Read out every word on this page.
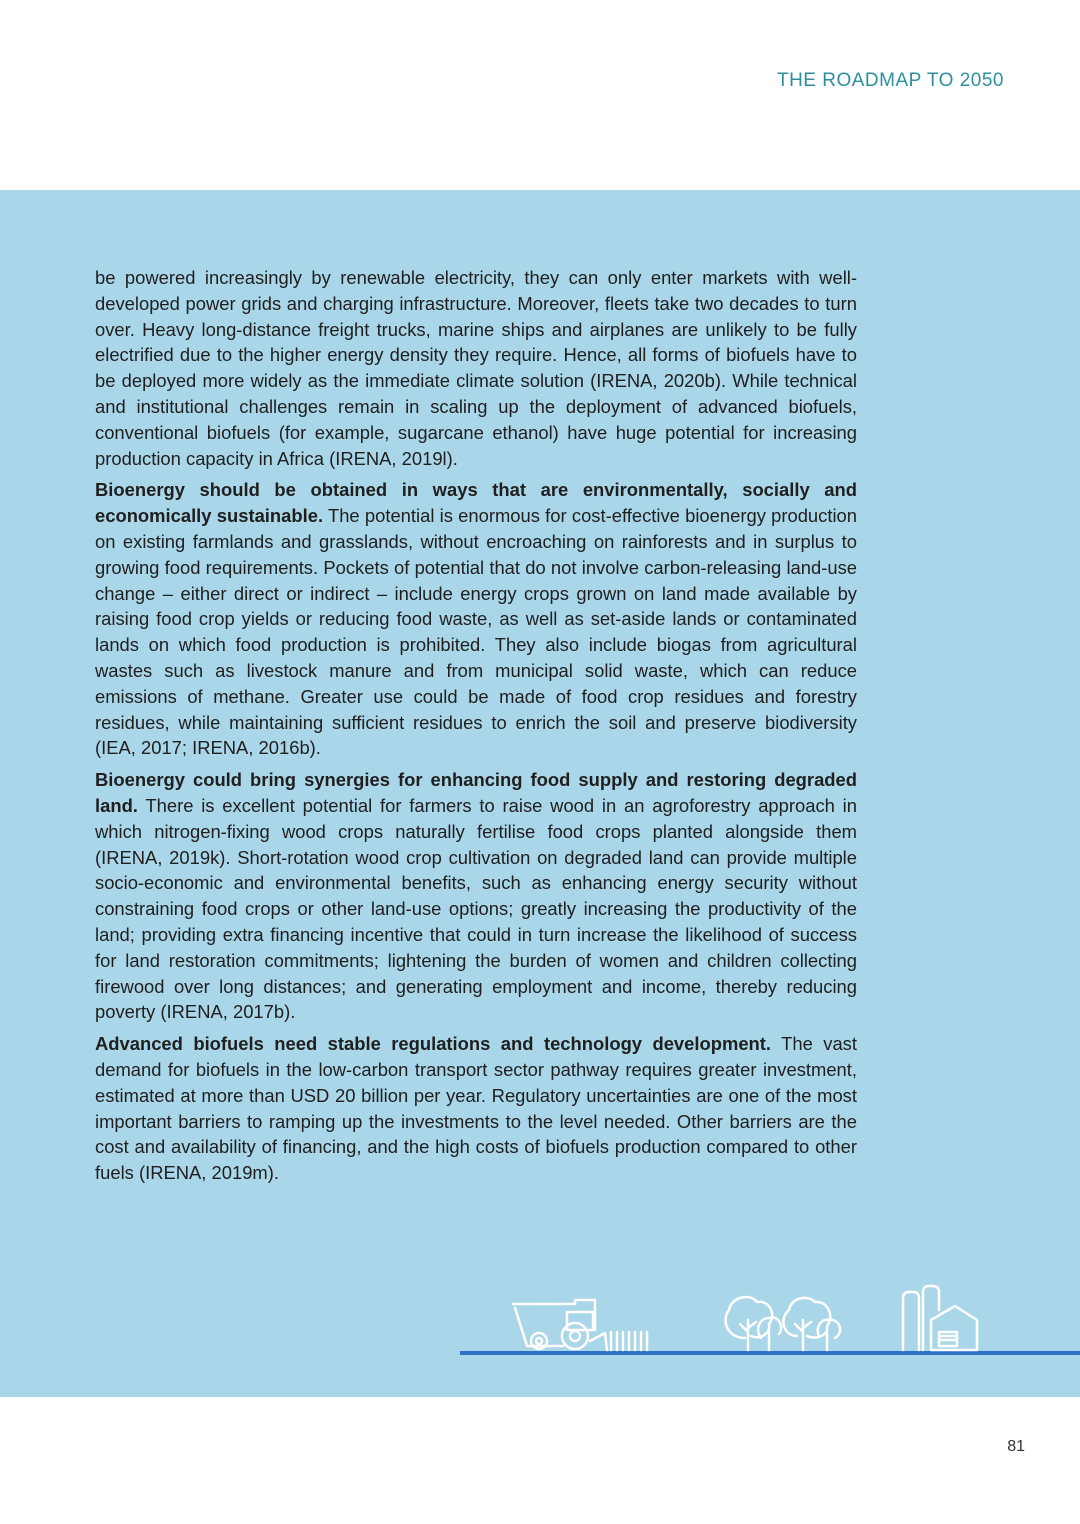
THE ROADMAP TO 2050

be powered increasingly by renewable electricity, they can only enter markets with well-developed power grids and charging infrastructure. Moreover, fleets take two decades to turn over. Heavy long-distance freight trucks, marine ships and airplanes are unlikely to be fully electrified due to the higher energy density they require. Hence, all forms of biofuels have to be deployed more widely as the immediate climate solution (IRENA, 2020b). While technical and institutional challenges remain in scaling up the deployment of advanced biofuels, conventional biofuels (for example, sugarcane ethanol) have huge potential for increasing production capacity in Africa (IRENA, 2019l).

Bioenergy should be obtained in ways that are environmentally, socially and economically sustainable. The potential is enormous for cost-effective bioenergy production on existing farmlands and grasslands, without encroaching on rainforests and in surplus to growing food requirements. Pockets of potential that do not involve carbon-releasing land-use change – either direct or indirect – include energy crops grown on land made available by raising food crop yields or reducing food waste, as well as set-aside lands or contaminated lands on which food production is prohibited. They also include biogas from agricultural wastes such as livestock manure and from municipal solid waste, which can reduce emissions of methane. Greater use could be made of food crop residues and forestry residues, while maintaining sufficient residues to enrich the soil and preserve biodiversity (IEA, 2017; IRENA, 2016b).

Bioenergy could bring synergies for enhancing food supply and restoring degraded land. There is excellent potential for farmers to raise wood in an agroforestry approach in which nitrogen-fixing wood crops naturally fertilise food crops planted alongside them (IRENA, 2019k). Short-rotation wood crop cultivation on degraded land can provide multiple socio-economic and environmental benefits, such as enhancing energy security without constraining food crops or other land-use options; greatly increasing the productivity of the land; providing extra financing incentive that could in turn increase the likelihood of success for land restoration commitments; lightening the burden of women and children collecting firewood over long distances; and generating employment and income, thereby reducing poverty (IRENA, 2017b).

Advanced biofuels need stable regulations and technology development. The vast demand for biofuels in the low-carbon transport sector pathway requires greater investment, estimated at more than USD 20 billion per year. Regulatory uncertainties are one of the most important barriers to ramping up the investments to the level needed. Other barriers are the cost and availability of financing, and the high costs of biofuels production compared to other fuels (IRENA, 2019m).

81
